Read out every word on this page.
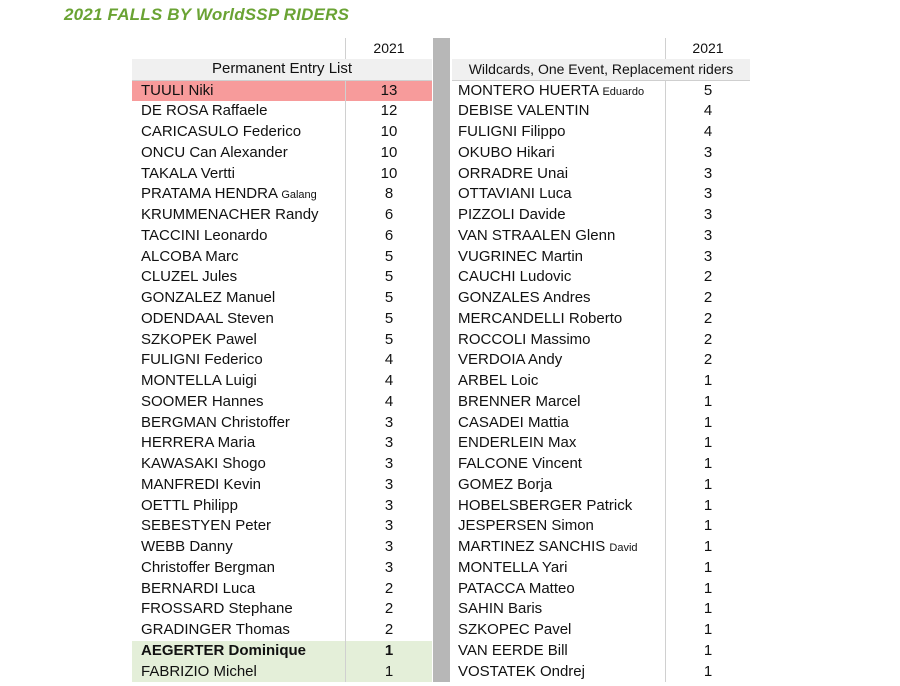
2021 FALLS BY WorldSSP RIDERS
2021
Permanent Entry List
TUULI Niki	13
DE ROSA Raffaele	12
CARICASULO Federico	10
ONCU Can Alexander	10
TAKALA Vertti	10
PRATAMA HENDRA Galang	8
KRUMMENACHER Randy	6
TACCINI Leonardo	6
ALCOBA Marc	5
CLUZEL Jules	5
GONZALEZ Manuel	5
ODENDAAL Steven	5
SZKOPEK Pawel	5
FULIGNI Federico	4
MONTELLA Luigi	4
SOOMER Hannes	4
BERGMAN Christoffer	3
HERRERA Maria	3
KAWASAKI Shogo	3
MANFREDI Kevin	3
OETTL Philipp	3
SEBESTYEN Peter	3
WEBB Danny	3
Christoffer Bergman	3
BERNARDI Luca	2
FROSSARD Stephane	2
GRADINGER Thomas	2
AEGERTER Dominique	1
FABRIZIO Michel	1
2021
Wildcards, One Event, Replacement riders
MONTERO HUERTA Eduardo	5
DEBISE VALENTIN	4
FULIGNI Filippo	4
OKUBO Hikari	3
ORRADRE Unai	3
OTTAVIANI Luca	3
PIZZOLI Davide	3
VAN STRAALEN Glenn	3
VUGRINEC Martin	3
CAUCHI Ludovic	2
GONZALES Andres	2
MERCANDELLI Roberto	2
ROCCOLI Massimo	2
VERDOIA Andy	2
ARBEL Loic	1
BRENNER Marcel	1
CASADEI Mattia	1
ENDERLEIN Max	1
FALCONE Vincent	1
GOMEZ Borja	1
HOBELSBERGER Patrick	1
JESPERSEN Simon	1
MARTINEZ SANCHIS David	1
MONTELLA Yari	1
PATACCA Matteo	1
SAHIN Baris	1
SZKOPEC Pavel	1
VAN EERDE Bill	1
VOSTATEK Ondrej	1
